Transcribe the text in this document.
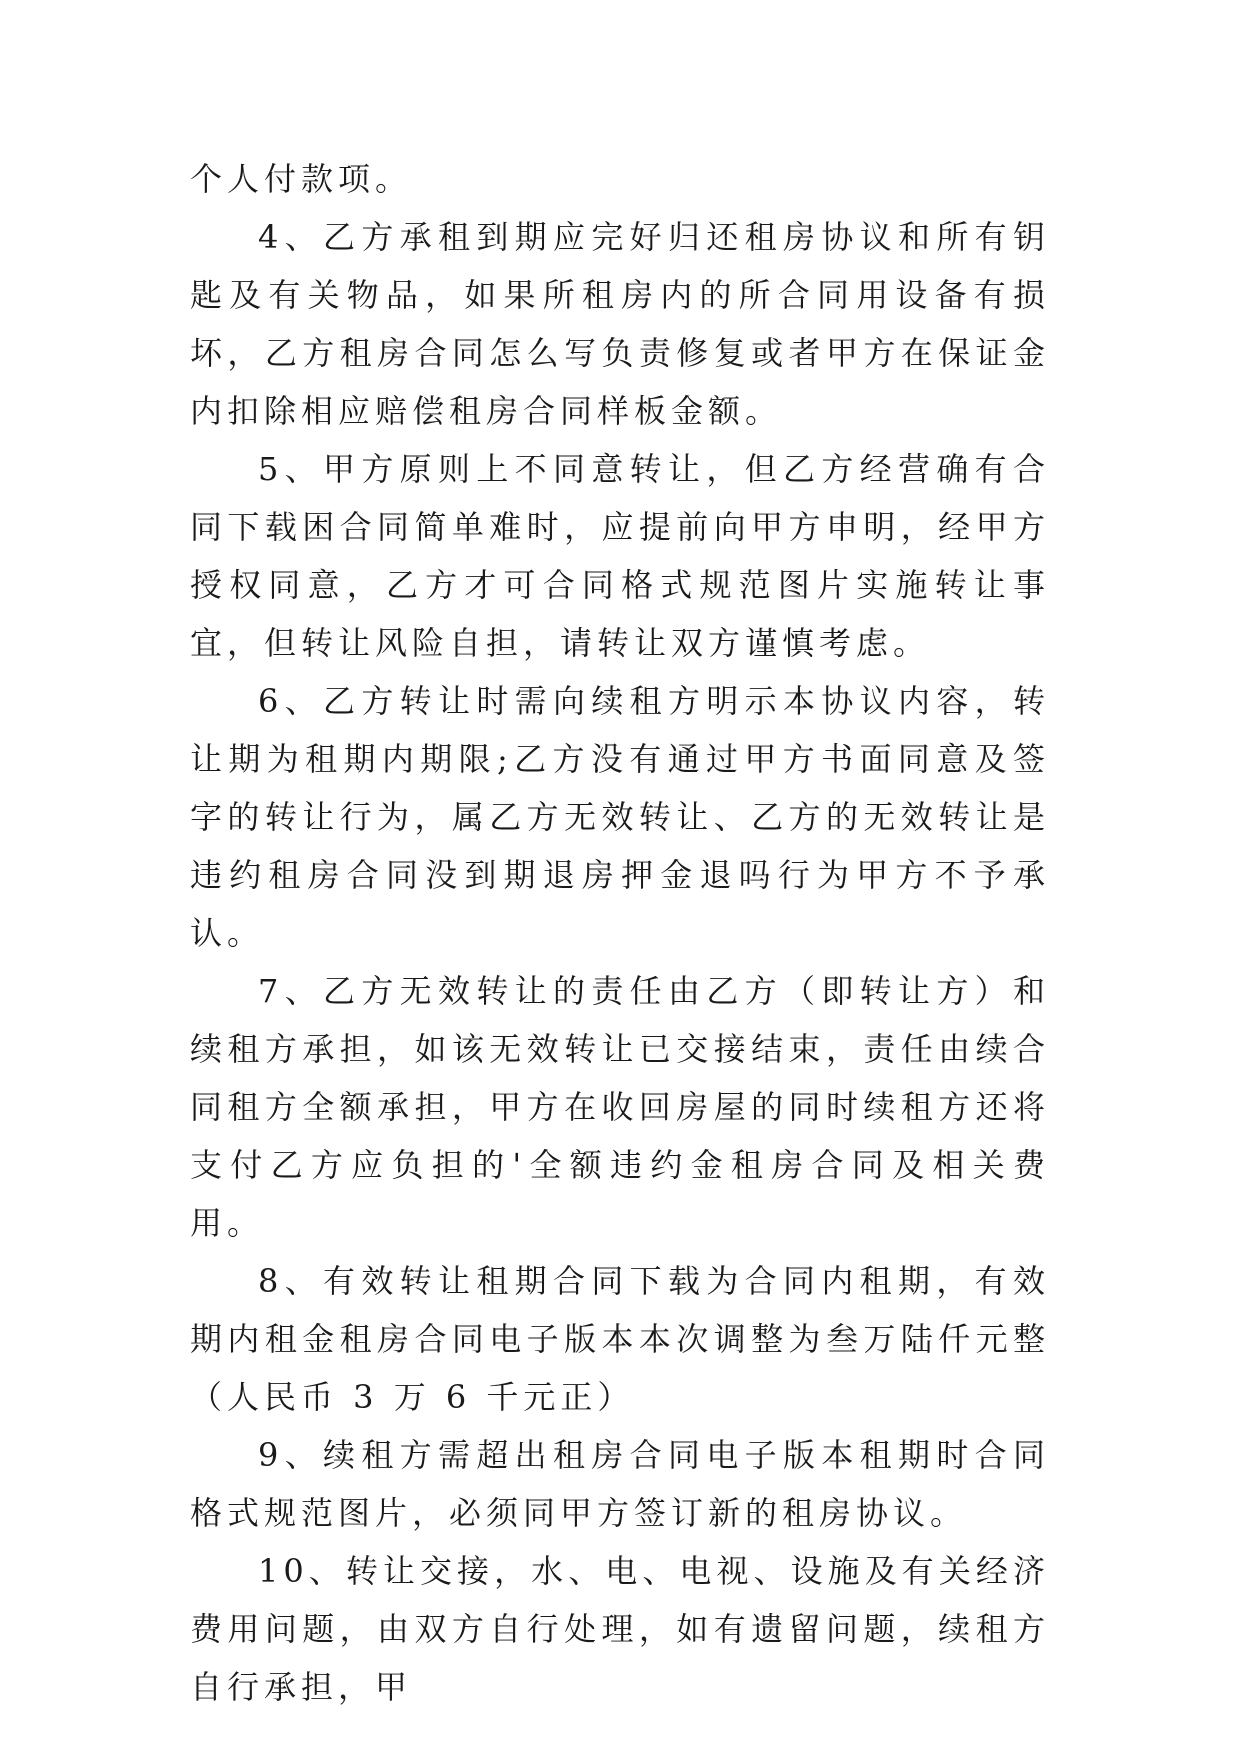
个人付款项。

4、乙方承租到期应完好归还租房协议和所有钥匙及有关物品，如果所租房内的所合同用设备有损坏，乙方租房合同怎么写负责修复或者甲方在保证金内扣除相应赔偿租房合同样板金额。

5、甲方原则上不同意转让，但乙方经营确有合同下载困合同简单难时，应提前向甲方申明，经甲方授权同意，乙方才可合同格式规范图片实施转让事宜，但转让风险自担，请转让双方谨慎考虑。

6、乙方转让时需向续租方明示本协议内容，转让期为租期内期限;乙方没有通过甲方书面同意及签字的转让行为，属乙方无效转让、乙方的无效转让是违约租房合同没到期退房押金退吗行为甲方不予承认。

7、乙方无效转让的责任由乙方（即转让方）和续租方承担，如该无效转让已交接结束，责任由续合同租方全额承担，甲方在收回房屋的同时续租方还将支付乙方应负担的'全额违约金租房合同及相关费用。

8、有效转让租期合同下载为合同内租期，有效期内租金租房合同电子版本本次调整为叁万陆仟元整（人民币 3 万 6 千元正）

9、续租方需超出租房合同电子版本租期时合同格式规范图片，必须同甲方签订新的租房协议。

10、转让交接，水、电、电视、设施及有关经济费用问题，由双方自行处理，如有遗留问题，续租方自行承担，甲
